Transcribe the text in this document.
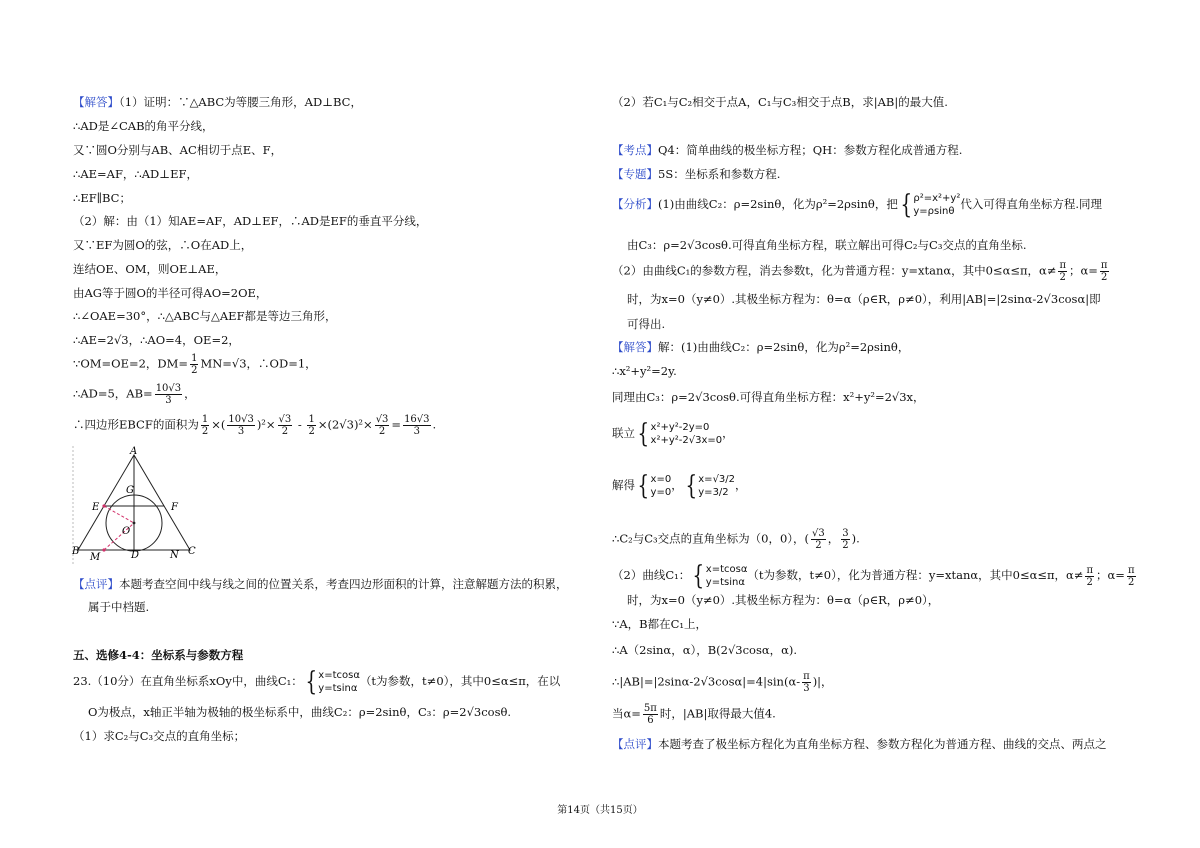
【解答】（1）证明：∵△ABC为等腰三角形，AD⊥BC，
∴AD是∠CAB的角平分线，
又∵圆O分别与AB、AC相切于点E、F，
∴AE=AF，∴AD⊥EF，
∴EF∥BC；
（2）解：由（1）知AE=AF，AD⊥EF，∴AD是EF的垂直平分线，
又∵EF为圆O的弦，∴O在AD上，
连结OE、OM，则OE⊥AE，
由AG等于圆O的半径可得AO=2OE，
∴∠OAE=30°，∴△ABC与△AEF都是等边三角形，
∴AE=2√3，∴AO=4，OE=2，
∵OM=OE=2，$DM= \frac{1}{2} MN=√3$，∴OD=1，
∴AD=5，$AB= \frac{10√3}{3}$ ，
∴四边形EBCF的面积为 $\frac{1}{2}$ ×( $\frac{10√3}{3} )^2\times \frac{√3}{2} - \frac{1}{2} \times(2√3)^2\times \frac{√3}{2} = \frac{16√3}{3}$ .
A
G
E	F
O
B
M	D	N C
【点评】本题考查空间中线与线之间的位置关系，考查四边形面积的计算，注意解题方法的积累，
属于中档题.
五、选修4-4：坐标系与参数方程
23.（10分）在直角坐标系xOy中，曲线C₁： { x=tcosα
y=tsinα
（t为参数，t≠0），其中0≤α≤π，在以
O为极点，x轴正半轴为极轴的极坐标系中，曲线C₂：ρ=2sinθ，C₃：ρ=2√3cosθ.
（1）求C₂与C₃交点的直角坐标；
（2）若C₁与C₂相交于点A，C₁与C₃相交于点B，求|AB|的最大值.
【考点】Q4：简单曲线的极坐标方程；QH：参数方程化成普通方程.
【专题】5S：坐标系和参数方程.
【分析】(1)由曲线C₂：ρ=2sinθ，化为ρ²=2ρsinθ，把 { ρ²=x²+y²
y=ρsinθ
代入可得直角坐标方程.同理
由C₃：ρ=2√3cosθ.可得直角坐标方程，联立解出可得C₂与C₃交点的直角坐标.
（2）由曲线C₁的参数方程，消去参数t，化为普通方程：y=xtanα，其中0≤α≤π，$\alpha\ne \frac{\pi}{2}$ ；$\alpha= \frac{\pi}{2}$
时，为x=0（y≠0）.其极坐标方程为：θ=α（ρ∈R，ρ≠0），利用|AB|=|2sinα-2√3cosα|即
可得出.
【解答】解：(1)由曲线C₂：ρ=2sinθ，化为ρ²=2ρsinθ，
∴x²+y²=2y.
同理由C₃：ρ=2√3cosθ.可得直角坐标方程：x²+y²=2√3x，
联立 { x²+y²-2y=0
x²+y²-2√3x=0
，
解得 { x=0
y=0
， { x=√3/2
y=3/2
，
∴C₂与C₃交点的直角坐标为（0，0），( $\frac{√3}{2}$ ， $\frac{3}{2}$ ).
（2）曲线C₁： { x=tcosα
y=tsinα
（t为参数，t≠0），化为普通方程：y=xtanα，其中0≤α≤π，$\alpha\ne \frac{\pi}{2}$ ；$\alpha= \frac{\pi}{2}$
时，为x=0（y≠0）.其极坐标方程为：θ=α（ρ∈R，ρ≠0），
∵A，B都在C₁上，
∴A（2sinα，α），B(2√3cosα，α).
∴|AB|=|2sinα-2√3cosα|=4|sin(α- $\frac{\pi}{3}$ )|，
当$\alpha= \frac{5\pi}{6}$ 时，|AB|取得最大值4.
【点评】本题考查了极坐标方程化为直角坐标方程、参数方程化为普通方程、曲线的交点、两点之
第14页（共15页）
